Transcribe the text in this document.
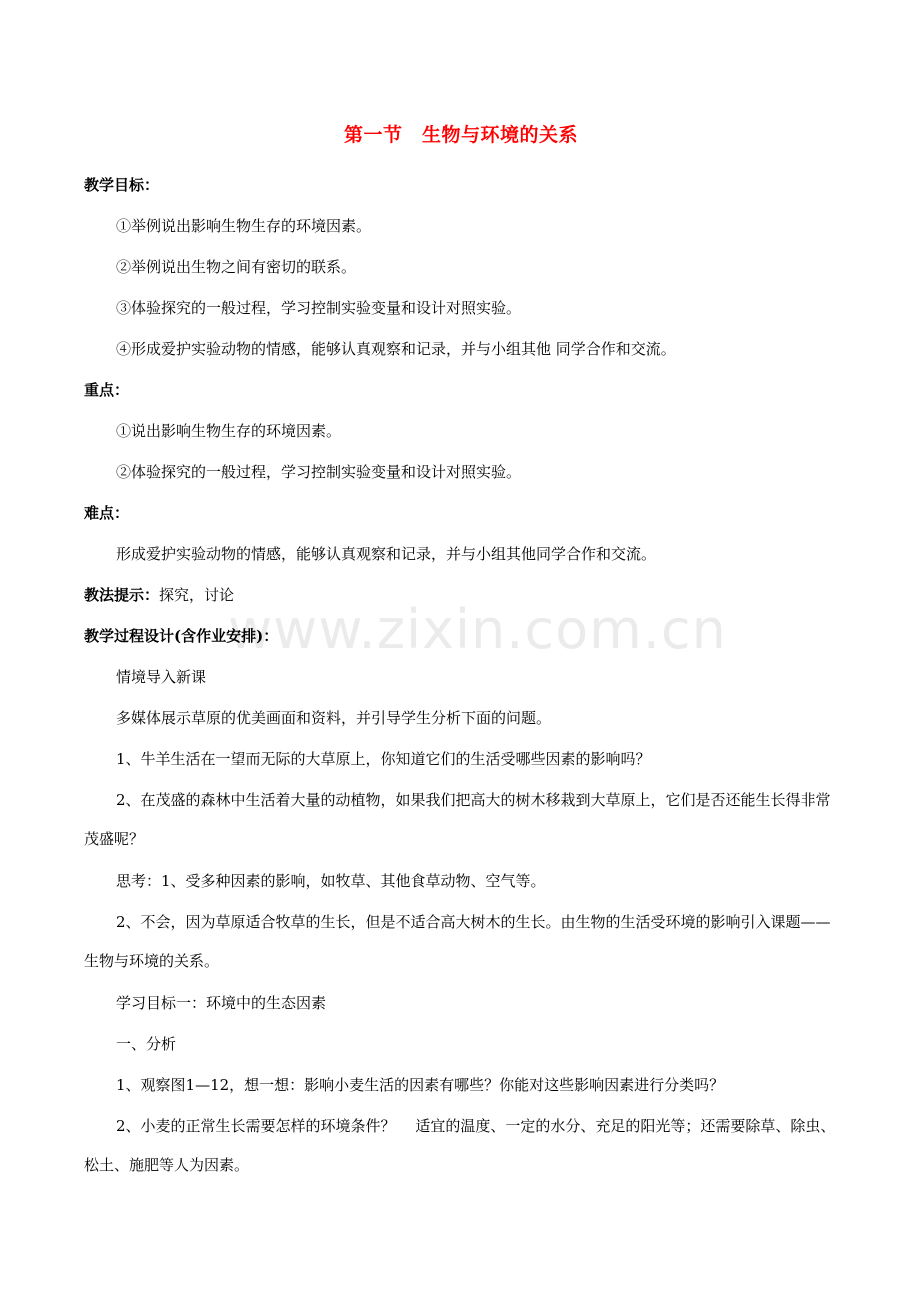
第一节　生物与环境的关系
教学目标：
①举例说出影响生物生存的环境因素。
②举例说出生物之间有密切的联系。
③体验探究的一般过程，学习控制实验变量和设计对照实验。
④形成爱护实验动物的情感，能够认真观察和记录，并与小组其他 同学合作和交流。
重点：
①说出影响生物生存的环境因素。
②体验探究的一般过程，学习控制实验变量和设计对照实验。
难点：
形成爱护实验动物的情感，能够认真观察和记录，并与小组其他同学合作和交流。
教法提示：探究，讨论
教学过程设计(含作业安排)：
情境导入新课
多媒体展示草原的优美画面和资料，并引导学生分析下面的问题。
1、牛羊生活在一望而无际的大草原上，你知道它们的生活受哪些因素的影响吗？
2、在茂盛的森林中生活着大量的动植物，如果我们把高大的树木移栽到大草原上，它们是否还能生长得非常茂盛呢？
思考：1、受多种因素的影响，如牧草、其他食草动物、空气等。
2、不会，因为草原适合牧草的生长，但是不适合高大树木的生长。由生物的生活受环境的影响引入课题——生物与环境的关系。
学习目标一：环境中的生态因素
一、分析
1、观察图1—12，想一想：影响小麦生活的因素有哪些？你能对这些影响因素进行分类吗？
2、小麦的正常生长需要怎样的环境条件？　 适宜的温度、一定的水分、充足的阳光等；还需要除草、除虫、松土、施肥等人为因素。
www.zixin.com.cn
